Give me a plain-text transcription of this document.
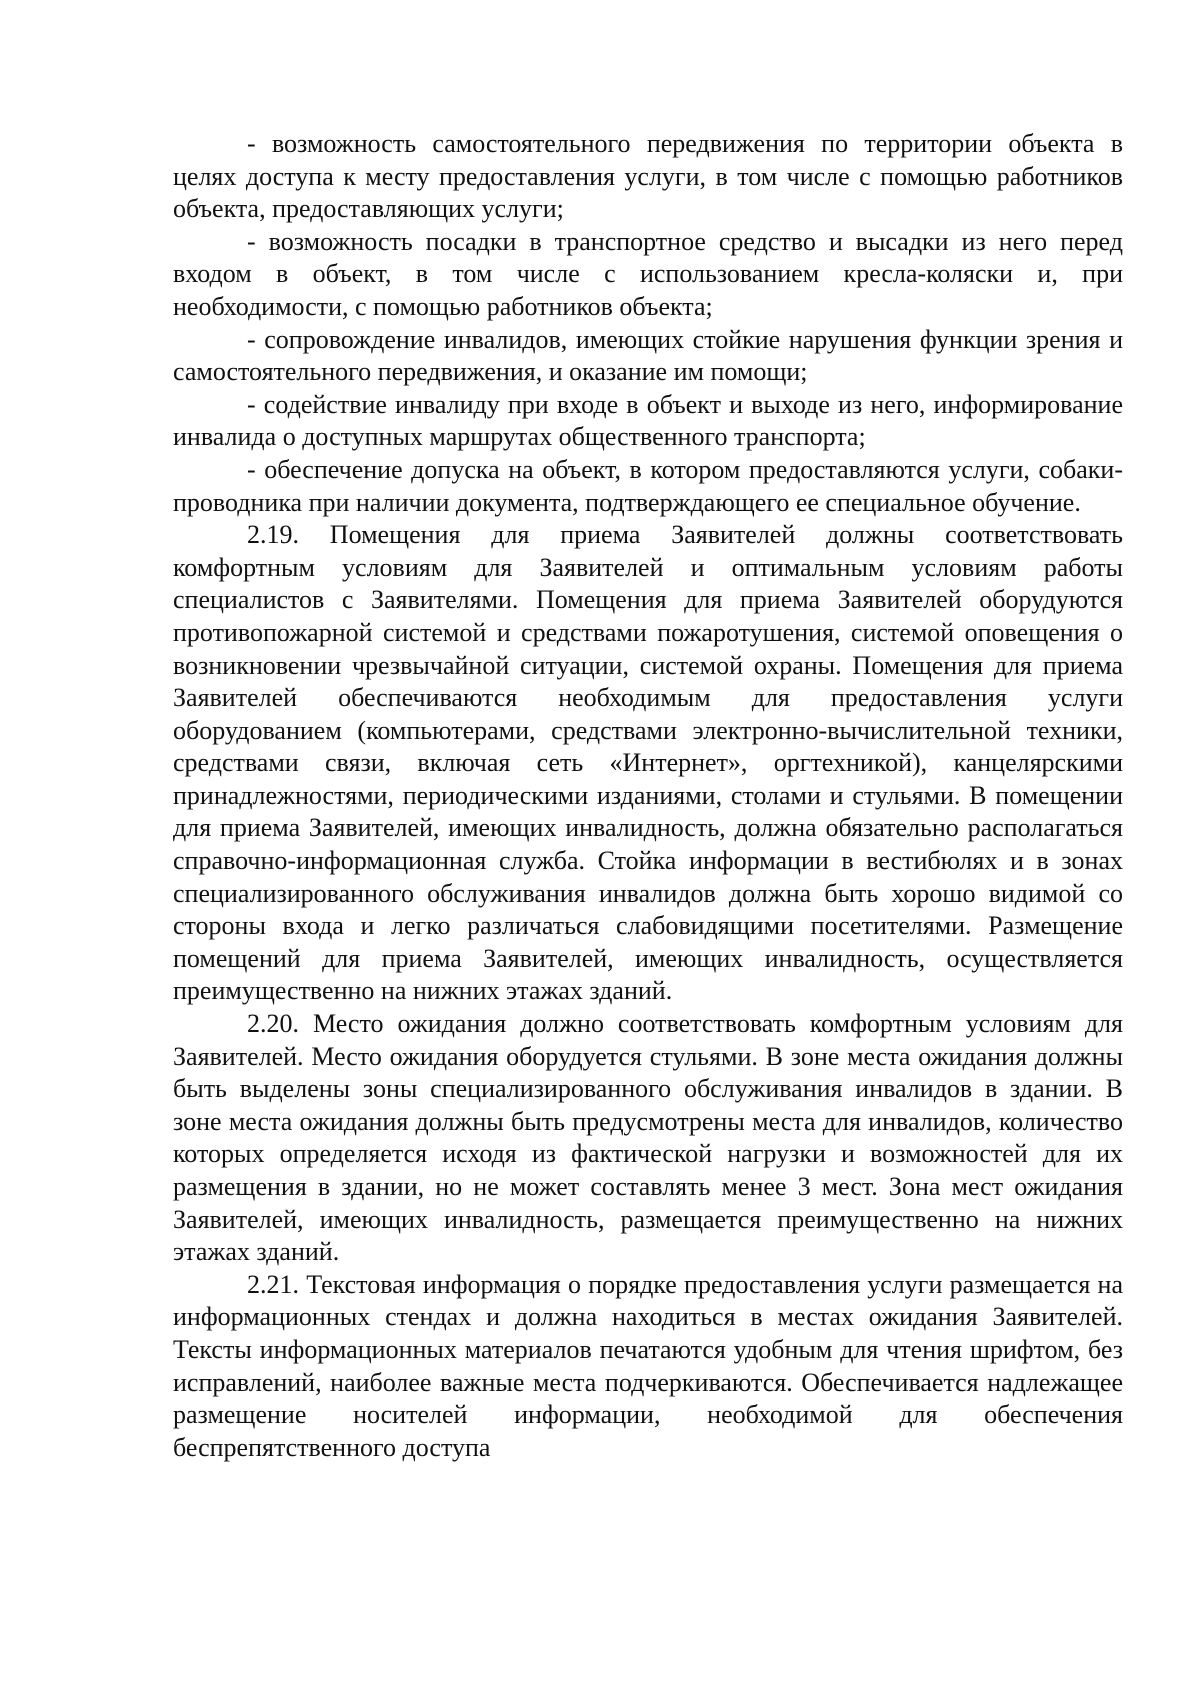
- возможность самостоятельного передвижения по территории объекта в целях доступа к месту предоставления услуги, в том числе с помощью работников объекта, предоставляющих услуги;

- возможность посадки в транспортное средство и высадки из него перед входом в объект, в том числе с использованием кресла-коляски и, при необходимости, с помощью работников объекта;

- сопровождение инвалидов, имеющих стойкие нарушения функции зрения и самостоятельного передвижения, и оказание им помощи;

- содействие инвалиду при входе в объект и выходе из него, информирование инвалида о доступных маршрутах общественного транспорта;

- обеспечение допуска на объект, в котором предоставляются услуги, собаки-проводника при наличии документа, подтверждающего ее специальное обучение.

2.19. Помещения для приема Заявителей должны соответствовать комфортным условиям для Заявителей и оптимальным условиям работы специалистов с Заявителями. Помещения для приема Заявителей оборудуются противопожарной системой и средствами пожаротушения, системой оповещения о возникновении чрезвычайной ситуации, системой охраны. Помещения для приема Заявителей обеспечиваются необходимым для предоставления услуги оборудованием (компьютерами, средствами электронно-вычислительной техники, средствами связи, включая сеть «Интернет», оргтехникой), канцелярскими принадлежностями, периодическими изданиями, столами и стульями. В помещении для приема Заявителей, имеющих инвалидность, должна обязательно располагаться справочно-информационная служба. Стойка информации в вестибюлях и в зонах специализированного обслуживания инвалидов должна быть хорошо видимой со стороны входа и легко различаться слабовидящими посетителями. Размещение помещений для приема Заявителей, имеющих инвалидность, осуществляется преимущественно на нижних этажах зданий.

2.20. Место ожидания должно соответствовать комфортным условиям для Заявителей. Место ожидания оборудуется стульями. В зоне места ожидания должны быть выделены зоны специализированного обслуживания инвалидов в здании. В зоне места ожидания должны быть предусмотрены места для инвалидов, количество которых определяется исходя из фактической нагрузки и возможностей для их размещения в здании, но не может составлять менее 3 мест. Зона мест ожидания Заявителей, имеющих инвалидность, размещается преимущественно на нижних этажах зданий.

2.21. Текстовая информация о порядке предоставления услуги размещается на информационных стендах и должна находиться в местах ожидания Заявителей. Тексты информационных материалов печатаются удобным для чтения шрифтом, без исправлений, наиболее важные места подчеркиваются. Обеспечивается надлежащее размещение носителей информации, необходимой для обеспечения беспрепятственного доступа
